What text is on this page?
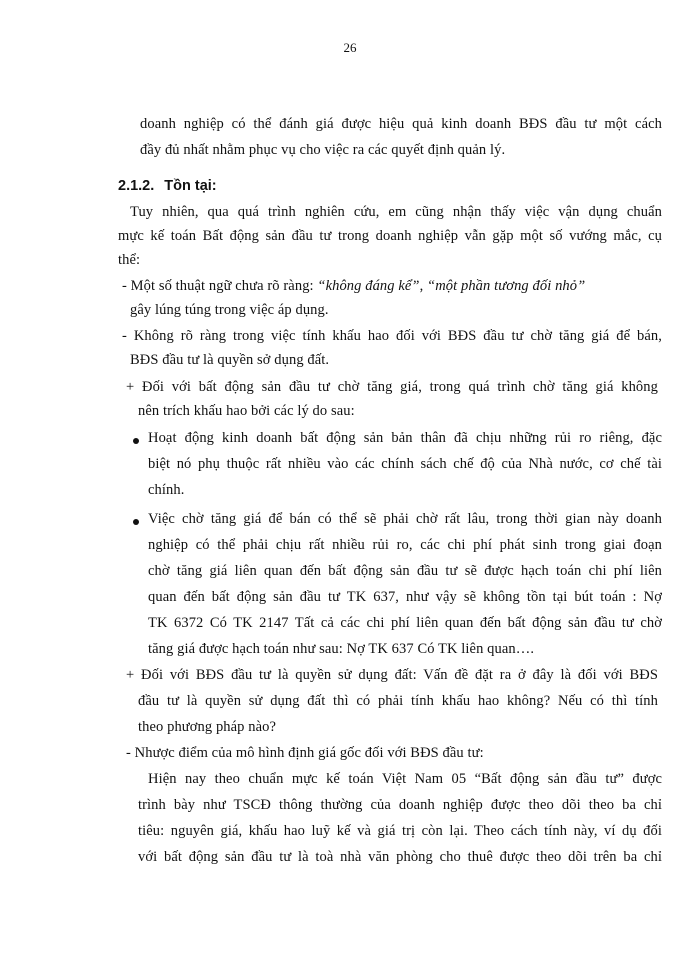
26
doanh nghiệp có thể đánh giá được hiệu quả kinh doanh BĐS đầu tư một cách
đầy đủ nhất nhằm phục vụ cho việc ra các quyết định quản lý.
2.1.2. Tồn tại:
Tuy nhiên, qua quá trình nghiên cứu, em cũng nhận thấy việc vận dụng chuẩn
mực kế toán Bất động sản đầu tư trong doanh nghiệp vẫn gặp một số vướng mắc, cụ
thể:
- Một số thuật ngữ chưa rõ ràng: “không đáng kể”, “một phần tương đối nhỏ”
gây lúng túng trong việc áp dụng.
- Không rõ ràng trong việc tính khấu hao đối với BĐS đầu tư chờ tăng giá để bán,
BĐS đầu tư là quyền sở dụng đất.
+ Đối với bất động sản đầu tư chờ tăng giá, trong quá trình chờ tăng giá không
nên trích khấu hao bởi các lý do sau:
Hoạt động kinh doanh bất động sản bản thân đã chịu những rủi ro riêng, đặc
biệt nó phụ thuộc rất nhiều vào các chính sách chế độ của Nhà nước, cơ chế tài
chính.
Việc chờ tăng giá để bán có thể sẽ phải chờ rất lâu, trong thời gian này doanh
nghiệp có thể phải chịu rất nhiều rủi ro, các chi phí phát sinh trong giai đoạn
chờ tăng giá liên quan đến bất động sản đầu tư sẽ được hạch toán chi phí liên
quan đến bất động sản đầu tư TK 637, như vậy sẽ không tồn tại bút toán : Nợ
TK 6372 Có TK 2147 Tất cả các chi phí liên quan đến bất động sản đầu tư chờ
tăng giá được hạch toán như sau: Nợ TK 637 Có TK liên quan….
+ Đối với BĐS đầu tư là quyền sử dụng đất: Vấn đề đặt ra ở đây là đối với BĐS
đầu tư là quyền sử dụng đất thì có phải tính khấu hao không? Nếu có thì tính
theo phương pháp nào?
- Nhược điểm của mô hình định giá gốc đối với BĐS đầu tư:
Hiện nay theo chuẩn mực kế toán Việt Nam 05 “Bất động sản đầu tư” được
trình bày như TSCĐ thông thường của doanh nghiệp được theo dõi theo ba chỉ
tiêu: nguyên giá, khấu hao luỹ kế và giá trị còn lại. Theo cách tính này, ví dụ đối
với bất động sản đầu tư là toà nhà văn phòng cho thuê được theo dõi trên ba chỉ
